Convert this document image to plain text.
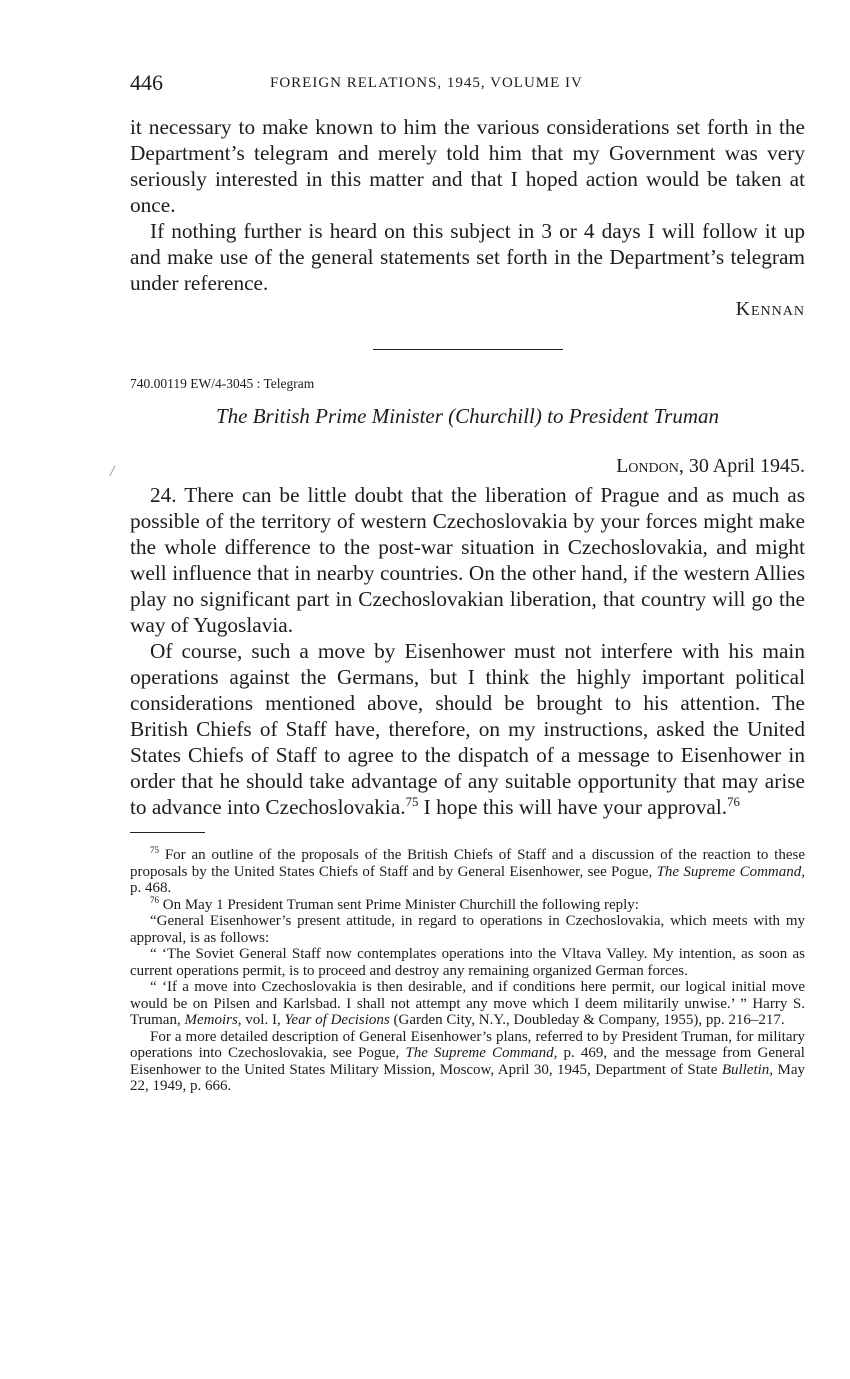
/
446	FOREIGN RELATIONS, 1945, VOLUME IV

it necessary to make known to him the various considerations set forth in the Department’s telegram and merely told him that my Government was very seriously interested in this matter and that I hoped action would be taken at once.

If nothing further is heard on this subject in 3 or 4 days I will follow it up and make use of the general statements set forth in the Department’s telegram under reference.

Kennan
740.00119 EW/4-3045 : Telegram
The British Prime Minister (Churchill) to President Truman
London, 30 April 1945.

24. There can be little doubt that the liberation of Prague and as much as possible of the territory of western Czechoslovakia by your forces might make the whole difference to the post-war situation in Czechoslovakia, and might well influence that in nearby countries. On the other hand, if the western Allies play no significant part in Czechoslovakian liberation, that country will go the way of Yugoslavia.

Of course, such a move by Eisenhower must not interfere with his main operations against the Germans, but I think the highly important political considerations mentioned above, should be brought to his attention. The British Chiefs of Staff have, therefore, on my instructions, asked the United States Chiefs of Staff to agree to the dispatch of a message to Eisenhower in order that he should take advantage of any suitable opportunity that may arise to advance into Czechoslovakia.$^{75}$ I hope this will have your approval.$^{76}$

$^{75}$ For an outline of the proposals of the British Chiefs of Staff and a discussion of the reaction to these proposals by the United States Chiefs of Staff and by General Eisenhower, see Pogue, The Supreme Command, p. 468.

$^{76}$ On May 1 President Truman sent Prime Minister Churchill the following reply:

“General Eisenhower’s present attitude, in regard to operations in Czechoslovakia, which meets with my approval, is as follows:

“ ‘The Soviet General Staff now contemplates operations into the Vltava Valley. My intention, as soon as current operations permit, is to proceed and destroy any remaining organized German forces.

“ ‘If a move into Czechoslovakia is then desirable, and if conditions here permit, our logical initial move would be on Pilsen and Karlsbad. I shall not attempt any move which I deem militarily unwise.’ ” Harry S. Truman, Memoirs, vol. I, Year of Decisions (Garden City, N.Y., Doubleday & Company, 1955), pp. 216–217.

For a more detailed description of General Eisenhower’s plans, referred to by President Truman, for military operations into Czechoslovakia, see Pogue, The Supreme Command, p. 469, and the message from General Eisenhower to the United States Military Mission, Moscow, April 30, 1945, Department of State Bulletin, May 22, 1949, p. 666.
